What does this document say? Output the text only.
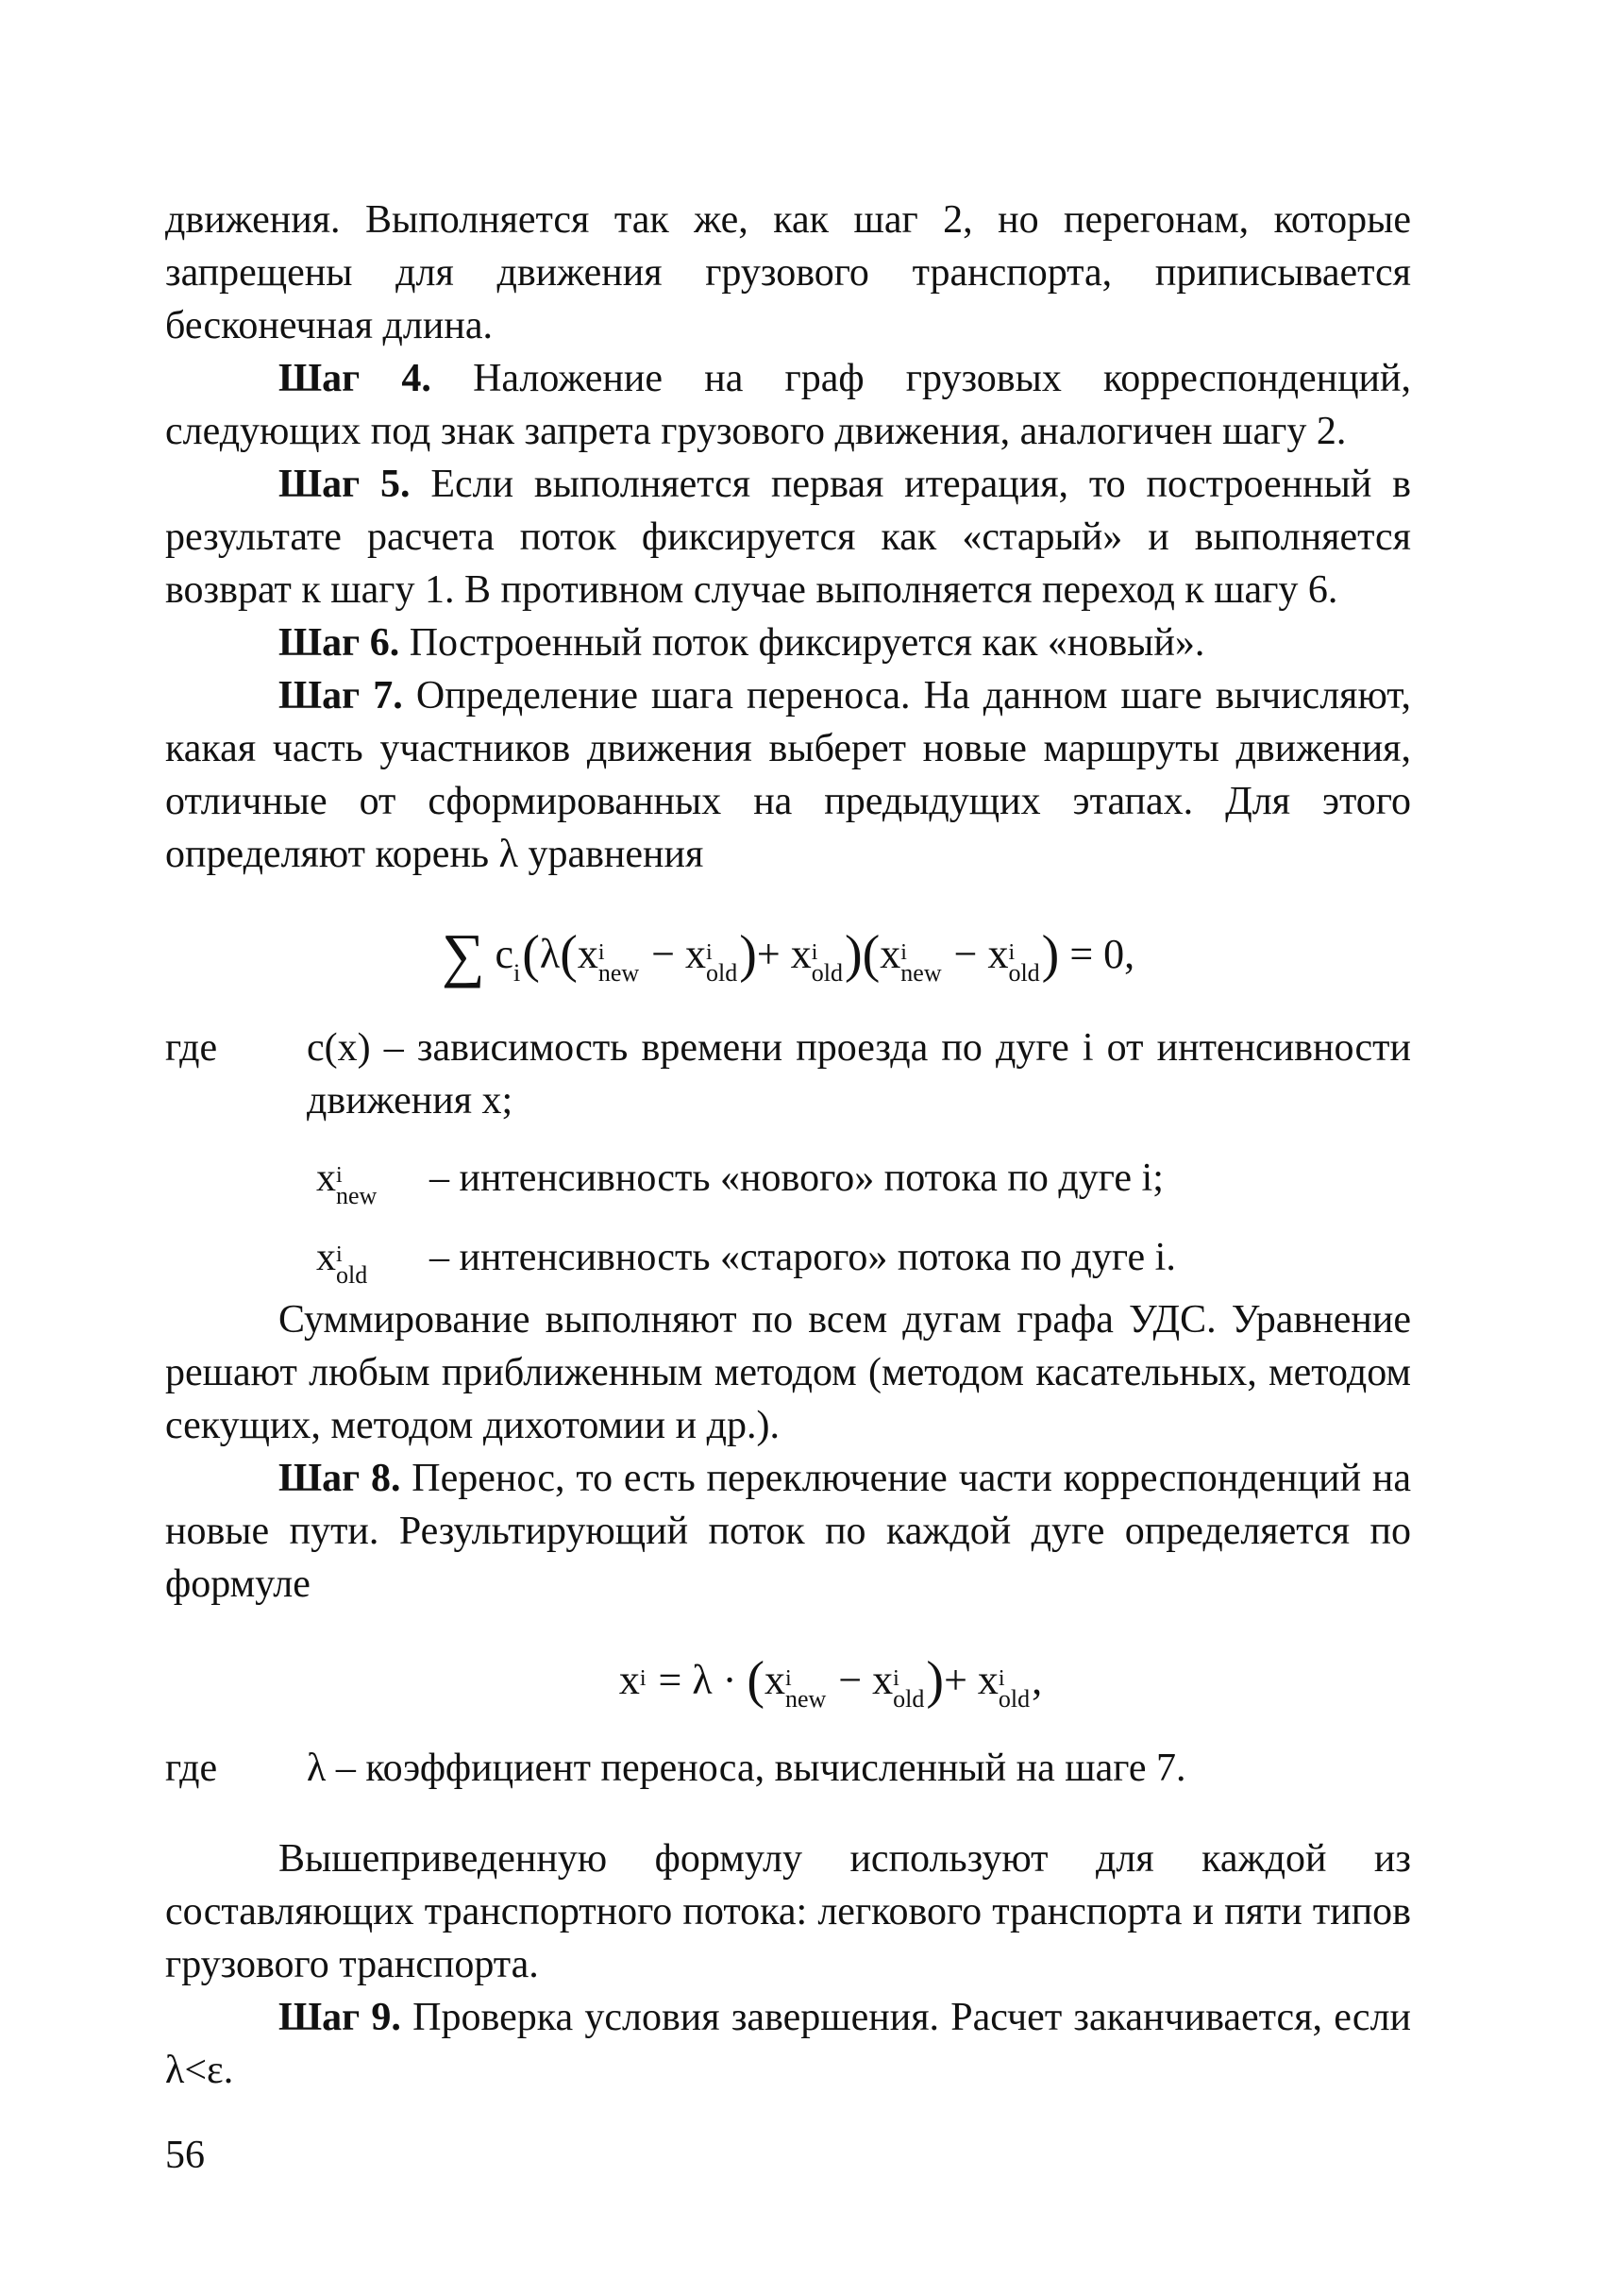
движения. Выполняется так же, как шаг 2, но перегонам, которые запрещены для движения грузового транспорта, приписывается бесконечная длина.

Шаг 4. Наложение на граф грузовых корреспонденций, следующих под знак запрета грузового движения, аналогичен шагу 2.

Шаг 5. Если выполняется первая итерация, то построенный в результате расчета поток фиксируется как «старый» и выполняется возврат к шагу 1. В противном случае выполняется переход к шагу 6.

Шаг 6. Построенный поток фиксируется как «новый».

Шаг 7. Определение шага переноса. На данном шаге вычисляют, какая часть участников движения выберет новые маршруты движения, отличные от сформированных на предыдущих этапах. Для этого определяют корень λ уравнения

∑ c
i (λ(x i
new − x i
old )+ x i
old )(x i
new − x i
old ) = 0,
где	c(x) – зависимость времени проезда по дуге i от интенсивности движения x;
x i
new – интенсивность «нового» потока по дуге i;
x i
old – интенсивность «старого» потока по дуге i.

Суммирование выполняют по всем дугам графа УДС. Уравнение решают любым приближенным методом (методом касательных, методом секущих, методом дихотомии и др.).

Шаг 8. Перенос, то есть переключение части корреспонденций на новые пути. Результирующий поток по каждой дуге определяется по формуле

x i
= λ · (x i
new − x i
old )+ x i
old ,
где	λ – коэффициент переноса, вычисленный на шаге 7.

Вышеприведенную формулу используют для каждой из составляющих транспортного потока: легкового транспорта и пяти типов грузового транспорта.

Шаг 9. Проверка условия завершения. Расчет заканчивается, если λ<ε.

56
